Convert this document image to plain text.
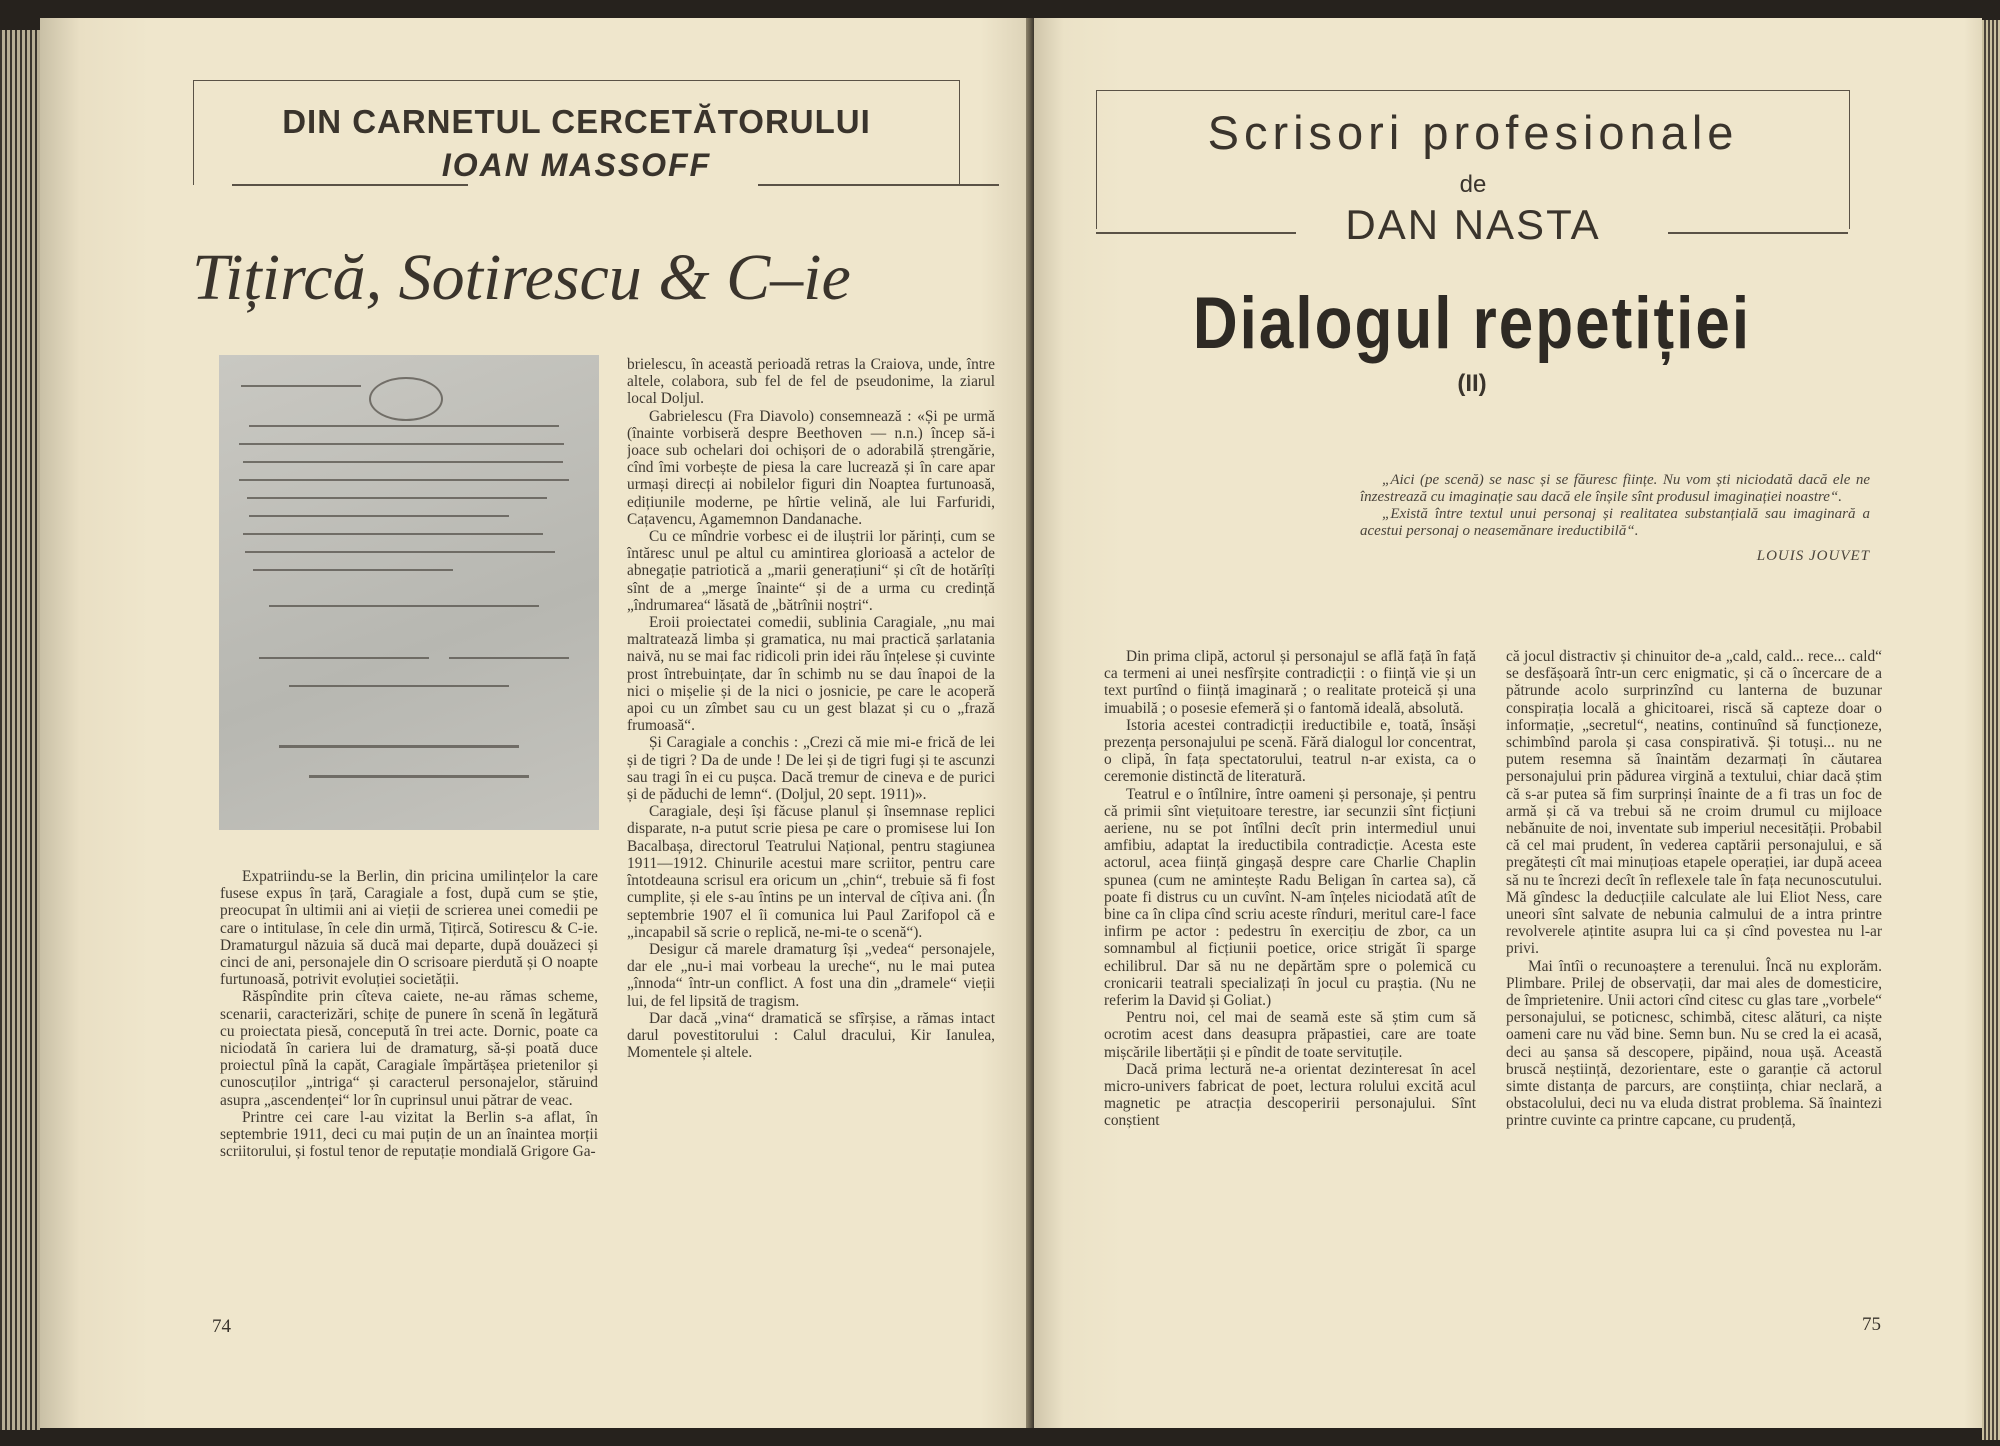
DIN CARNETUL CERCETĂTORULUI
IOAN MASSOFF
Tițircă, Sotirescu & C–ie

Expatriindu-se la Berlin, din pricina umilințelor la care fusese expus în țară, Caragiale a fost, după cum se știe, preocupat în ultimii ani ai vieții de scrierea unei comedii pe care o intitulase, în cele din urmă, Tițircă, Sotirescu & C-ie. Dramaturgul năzuia să ducă mai departe, după douăzeci și cinci de ani, personajele din O scrisoare pierdută și O noapte furtunoasă, potrivit evoluției societății.

Răspîndite prin cîteva caiete, ne-au rămas scheme, scenarii, caracterizări, schițe de punere în scenă în legătură cu proiectata piesă, concepută în trei acte. Dornic, poate ca niciodată în cariera lui de dramaturg, să-și poată duce proiectul pînă la capăt, Caragiale împărtășea prietenilor și cunoscuților „intriga“ și caracterul personajelor, stăruind asupra „ascendenței“ lor în cuprinsul unui pătrar de veac.

Printre cei care l-au vizitat la Berlin s-a aflat, în septembrie 1911, deci cu mai puțin de un an înaintea morții scriitorului, și fostul tenor de reputație mondială Grigore Ga-

brielescu, în această perioadă retras la Craiova, unde, între altele, colabora, sub fel de fel de pseudonime, la ziarul local Doljul.

Gabrielescu (Fra Diavolo) consemnează : «Și pe urmă (înainte vorbiseră despre Beethoven — n.n.) încep să-i joace sub ochelari doi ochișori de o adorabilă ștrengărie, cînd îmi vorbește de piesa la care lucrează și în care apar urmași direcți ai nobilelor figuri din Noaptea furtunoasă, edițiunile moderne, pe hîrtie velină, ale lui Farfuridi, Cațavencu, Agamemnon Dandanache.

Cu ce mîndrie vorbesc ei de iluștrii lor părinți, cum se întăresc unul pe altul cu amintirea glorioasă a actelor de abnegație patriotică a „marii generațiuni“ și cît de hotărîți sînt de a „merge înainte“ și de a urma cu credință „îndrumarea“ lăsată de „bătrînii noștri“.

Eroii proiectatei comedii, sublinia Caragiale, „nu mai maltratează limba și gramatica, nu mai practică șarlatania naivă, nu se mai fac ridicoli prin idei rău înțelese și cuvinte prost întrebuințate, dar în schimb nu se dau înapoi de la nici o mișelie și de la nici o josnicie, pe care le acoperă apoi cu un zîmbet sau cu un gest blazat și cu o „frază frumoasă“.

Și Caragiale a conchis : „Crezi că mie mi-e frică de lei și de tigri ? Da de unde ! De lei și de tigri fugi și te ascunzi sau tragi în ei cu pușca. Dacă tremur de cineva e de purici și de păduchi de lemn“. (Doljul, 20 sept. 1911)».

Caragiale, deși își făcuse planul și însemnase replici disparate, n-a putut scrie piesa pe care o promisese lui Ion Bacalbașa, directorul Teatrului Național, pentru stagiunea 1911—1912. Chinurile acestui mare scriitor, pentru care întotdeauna scrisul era oricum un „chin“, trebuie să fi fost cumplite, și ele s-au întins pe un interval de cîțiva ani. (În septembrie 1907 el îi comunica lui Paul Zarifopol că e „incapabil să scrie o replică, ne-mi-te o scenă“).

Desigur că marele dramaturg își „vedea“ personajele, dar ele „nu-i mai vorbeau la ureche“, nu le mai putea „înnoda“ într-un conflict. A fost una din „dramele“ vieții lui, de fel lipsită de tragism.

Dar dacă „vina“ dramatică se sfîrșise, a rămas intact darul povestitorului : Calul dracului, Kir Ianulea, Momentele și altele.

74
Scrisori profesionale
de
DAN NASTA
Dialogul repetiției
(II)

„Aici (pe scenă) se nasc și se făuresc ființe. Nu vom ști niciodată dacă ele ne înzestrează cu imaginație sau dacă ele înșile sînt produsul imaginației noastre“.

„Există între textul unui personaj și realitatea substanțială sau imaginară a acestui personaj o neasemănare ireductibilă“.

LOUIS JOUVET

Din prima clipă, actorul și personajul se află față în față ca termeni ai unei nesfîrșite contradicții : o ființă vie și un text purtînd o ființă imaginară ; o realitate proteică și una imuabilă ; o posesie efemeră și o fantomă ideală, absolută.

Istoria acestei contradicții ireductibile e, toată, însăși prezența personajului pe scenă. Fără dialogul lor concentrat, o clipă, în fața spectatorului, teatrul n-ar exista, ca o ceremonie distinctă de literatură.

Teatrul e o întîlnire, între oameni și personaje, și pentru că primii sînt viețuitoare terestre, iar secunzii sînt ficțiuni aeriene, nu se pot întîlni decît prin intermediul unui amfibiu, adaptat la ireductibila contradicție. Acesta este actorul, acea ființă gingașă despre care Charlie Chaplin spunea (cum ne amintește Radu Beligan în cartea sa), că poate fi distrus cu un cuvînt. N-am înțeles niciodată atît de bine ca în clipa cînd scriu aceste rînduri, meritul care-l face infirm pe actor : pedestru în exercițiu de zbor, ca un somnambul al ficțiunii poetice, orice strigăt îi sparge echilibrul. Dar să nu ne depărtăm spre o polemică cu cronicarii teatrali specializați în jocul cu praștia. (Nu ne referim la David și Goliat.)

Pentru noi, cel mai de seamă este să știm cum să ocrotim acest dans deasupra prăpastiei, care are toate mișcările libertății și e pîndit de toate servituțile.

Dacă prima lectură ne-a orientat dezinteresat în acel micro-univers fabricat de poet, lectura rolului excită acul magnetic pe atracția descoperirii personajului. Sînt conștient

că jocul distractiv și chinuitor de-a „cald, cald... rece... cald“ se desfășoară într-un cerc enigmatic, și că o încercare de a pătrunde acolo surprinzînd cu lanterna de buzunar conspirația locală a ghicitoarei, riscă să capteze doar o informație, „secretul“, neatins, continuînd să funcționeze, schimbînd parola și casa conspirativă. Și totuși... nu ne putem resemna să înaintăm dezarmați în căutarea personajului prin pădurea virgină a textului, chiar dacă știm că s-ar putea să fim surprinși înainte de a fi tras un foc de armă și că va trebui să ne croim drumul cu mijloace nebănuite de noi, inventate sub imperiul necesității. Probabil că cel mai prudent, în vederea captării personajului, e să pregătești cît mai minuțioas etapele operației, iar după aceea să nu te încrezi decît în reflexele tale în fața necunoscutului. Mă gîndesc la deducțiile calculate ale lui Eliot Ness, care uneori sînt salvate de nebunia calmului de a intra printre revolverele ațintite asupra lui ca și cînd povestea nu l-ar privi.

Mai întîi o recunoaștere a terenului. Încă nu explorăm. Plimbare. Prilej de observații, dar mai ales de domesticire, de împrietenire. Unii actori cînd citesc cu glas tare „vorbele“ personajului, se poticnesc, schimbă, citesc alături, ca niște oameni care nu văd bine. Semn bun. Nu se cred la ei acasă, deci au șansa să descopere, pipăind, noua ușă. Această bruscă neștiință, dezorientare, este o garanție că actorul simte distanța de parcurs, are conștiința, chiar neclară, a obstacolului, deci nu va eluda distrat problema. Să înaintezi printre cuvinte ca printre capcane, cu prudență,

75
